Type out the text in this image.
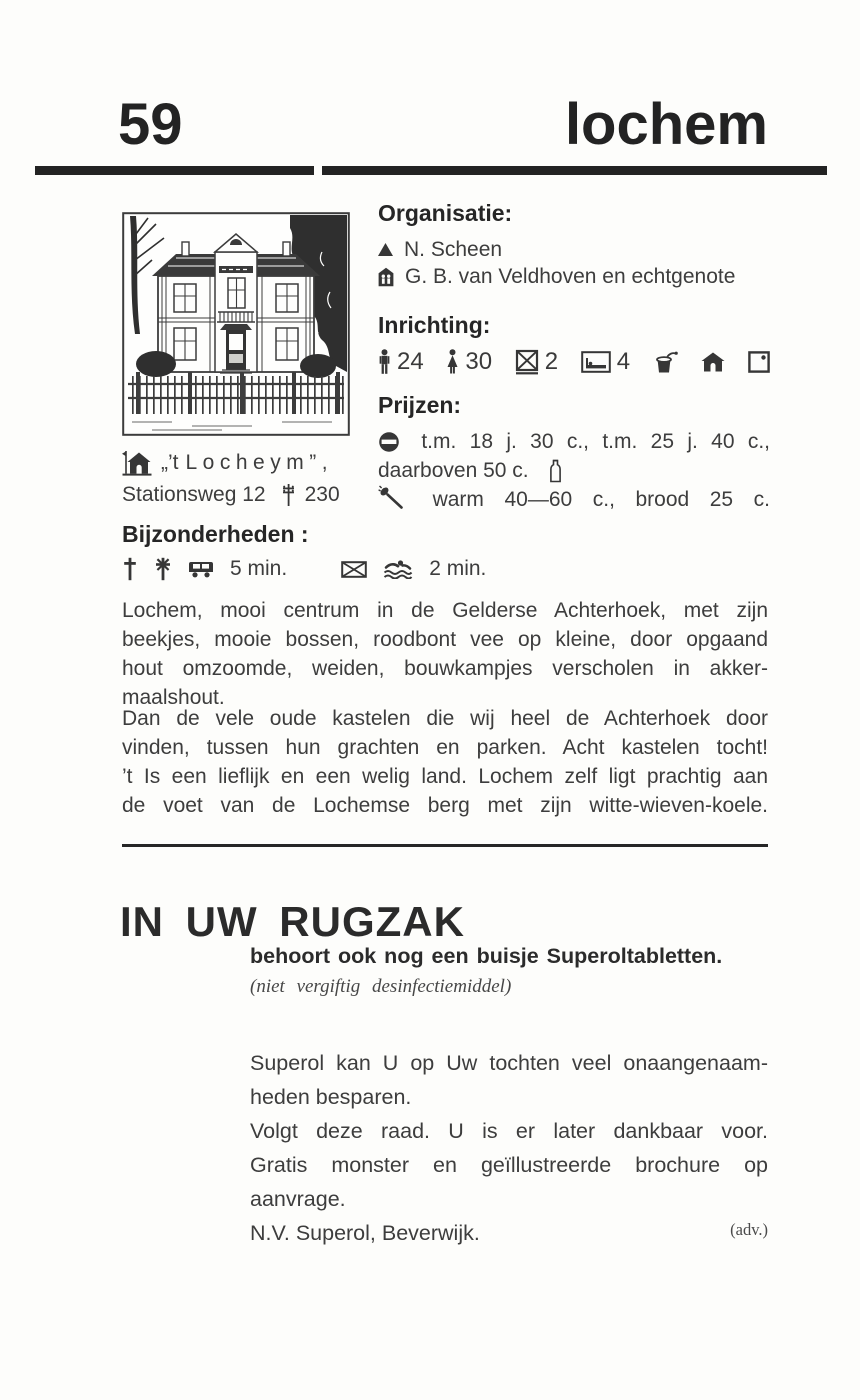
59	lochem
„’t Locheym”,
Stationsweg 12 230
Organisatie:
N. Scheen
G. B. van Veldhoven en echtgenote
Inrichting:
24 30 2 4
Prijzen:
t.m. 18 j. 30 c., t.m. 25 j. 40 c.,
daarboven 50 c.
warm 40—60 c., brood 25 c.
Bijzonderheden :
5 min.	2 min.
Lochem, mooi centrum in de Gelderse Achterhoek, met zijn
beekjes, mooie bossen, roodbont vee op kleine, door opgaand
hout omzoomde, weiden, bouwkampjes verscholen in akker-
maalshout.
Dan de vele oude kastelen die wij heel de Achterhoek door
vinden, tussen hun grachten en parken. Acht kastelen tocht!
’t Is een lieflijk en een welig land. Lochem zelf ligt prachtig aan
de voet van de Lochemse berg met zijn witte-wieven-koele.
IN UW RUGZAK
behoort ook nog een buisje Superoltabletten.
(niet vergiftig desinfectiemiddel)
Superol kan U op Uw tochten veel onaangenaam-
heden besparen.
Volgt deze raad. U is er later dankbaar voor.
Gratis monster en geïllustreerde brochure op
aanvrage.
N.V. Superol, Beverwijk.	(adv.)
